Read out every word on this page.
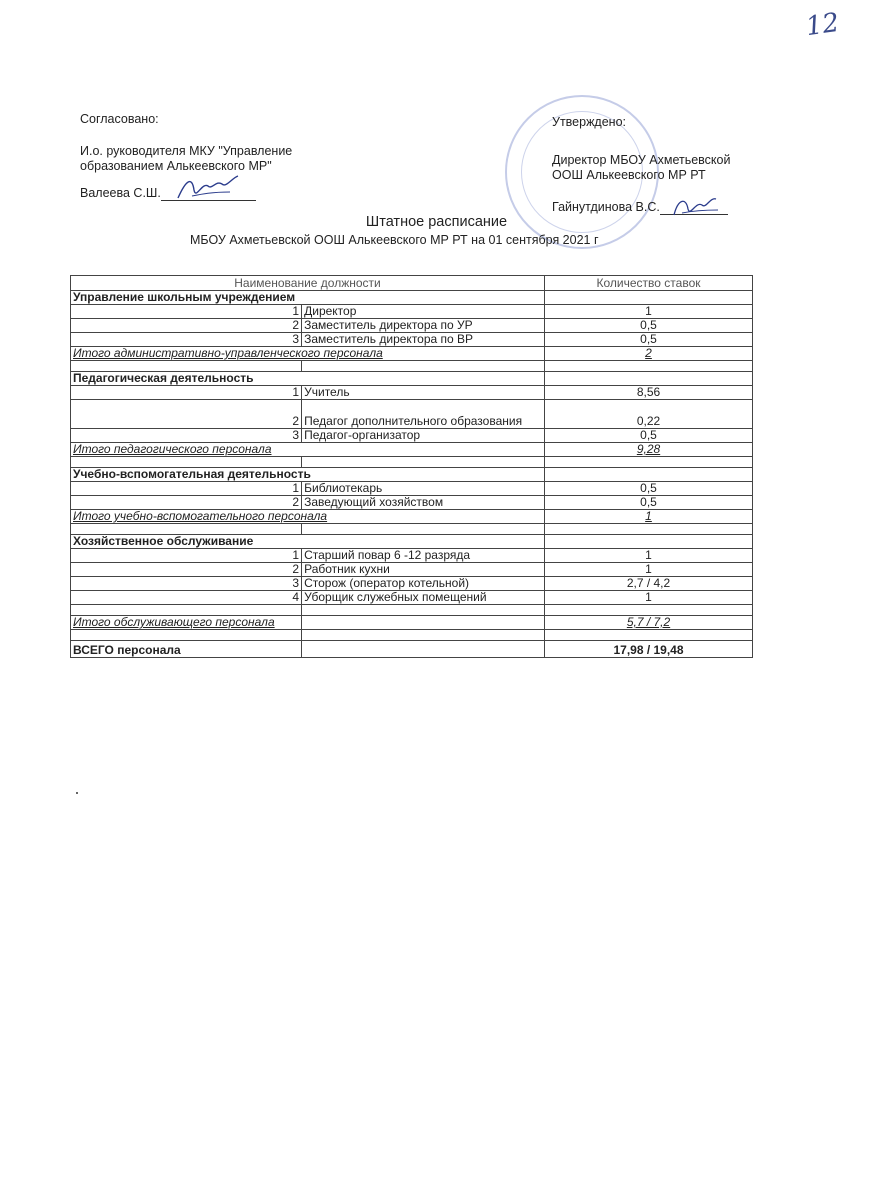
12
Согласовано:
И.о. руководителя МКУ "Управление
образованием Алькеевского МР"
Валеева С.Ш.
Утверждено:
Директор МБОУ Ахметьевской
ООШ Алькеевского МР РТ
Гайнутдинова В.С.
Штатное расписание
МБОУ Ахметьевской ООШ Алькеевского МР РТ на 01 сентября 2021 г
Наименование должности		Количество ставок
Управление школьным учреждением		
1	Директор	1
2	Заместитель директора по УР	0,5
3	Заместитель директора по ВР	0,5
Итого административно-управленческого персонала		2

Педагогическая деятельность		
1	Учитель	8,56
2	Педагог дополнительного образования	0,22
3	Педагог-организатор	0,5
Итого педагогического персонала		9,28

Учебно-вспомогательная деятельность		
1	Библиотекарь	0,5
2	Заведующий хозяйством	0,5
Итого учебно-вспомогательного персонала		1

Хозяйственное обслуживание		
1	Старший повар 6 -12 разряда	1
2	Работник кухни	1
3	Сторож (оператор котельной)	2,7 / 4,2
4	Уборщик служебных помещений	1

Итого обслуживающего персонала		5,7 / 7,2

ВСЕГО персонала		17,98 / 19,48
